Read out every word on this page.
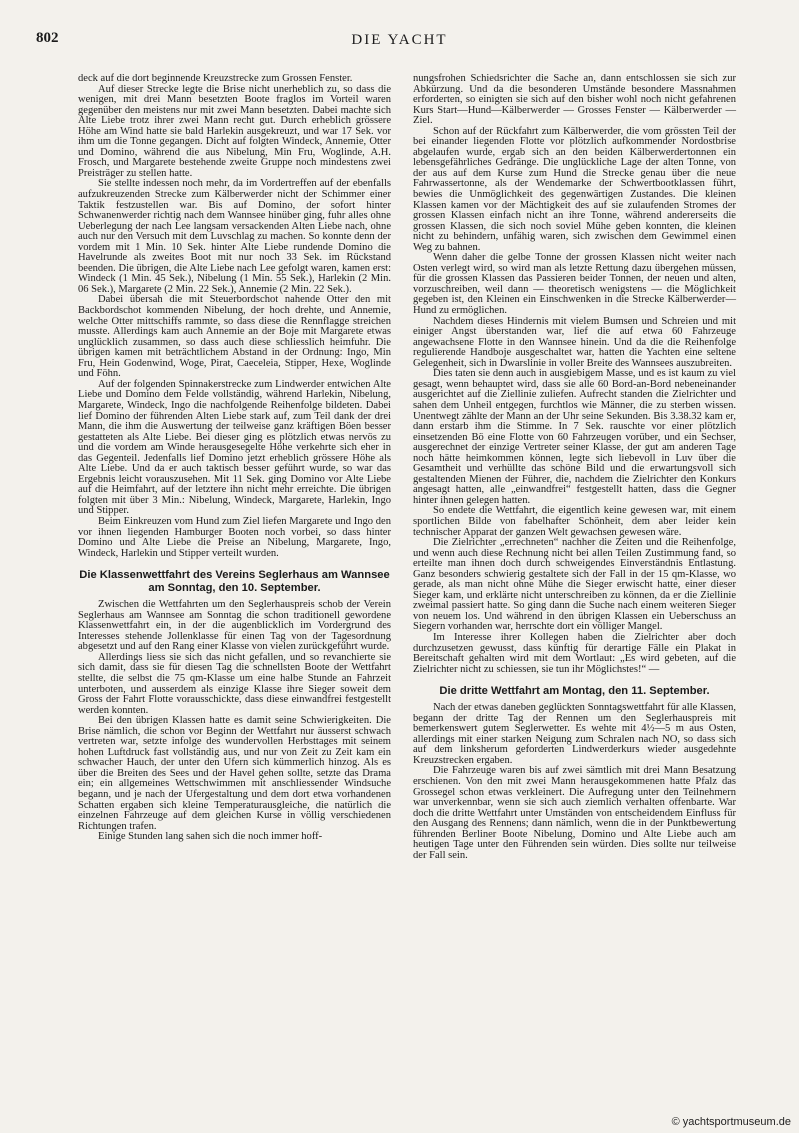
802	DIE YACHT

deck auf die dort beginnende Kreuzstrecke zum Grossen Fenster.

Auf dieser Strecke legte die Brise nicht unerheblich zu, so dass die wenigen, mit drei Mann besetzten Boote fraglos im Vorteil waren gegenüber den meistens nur mit zwei Mann besetzten. Dabei machte sich Alte Liebe trotz ihrer zwei Mann recht gut. Durch erheblich grössere Höhe am Wind hatte sie bald Harlekin ausgekreuzt, und war 17 Sek. vor ihm um die Tonne gegangen. Dicht auf folgten Windeck, Annemie, Otter und Domino, während die aus Nibelung, Min Fru, Woglinde, A.H. Frosch, und Margarete bestehende zweite Gruppe noch mindestens zwei Preisträger zu stellen hatte.

Sie stellte indessen noch mehr, da im Vordertreffen auf der ebenfalls aufzukreuzenden Strecke zum Kälberwerder nicht der Schimmer einer Taktik festzustellen war. Bis auf Domino, der sofort hinter Schwanenwerder richtig nach dem Wannsee hinüber ging, fuhr alles ohne Ueberlegung der nach Lee langsam versackenden Alten Liebe nach, ohne auch nur den Versuch mit dem Luvschlag zu machen. So konnte denn der vordem mit 1 Min. 10 Sek. hinter Alte Liebe rundende Domino die Havelrunde als zweites Boot mit nur noch 33 Sek. im Rückstand beenden. Die übrigen, die Alte Liebe nach Lee gefolgt waren, kamen erst: Windeck (1 Min. 45 Sek.), Nibelung (1 Min. 55 Sek.), Harlekin (2 Min. 06 Sek.), Margarete (2 Min. 22 Sek.), Annemie (2 Min. 22 Sek.).

Dabei übersah die mit Steuerbordschot nahende Otter den mit Backbordschot kommenden Nibelung, der hoch drehte, und Annemie, welche Otter mittschiffs rammte, so dass diese die Rennflagge streichen musste. Allerdings kam auch Annemie an der Boje mit Margarete etwas unglücklich zusammen, so dass auch diese schliesslich heimfuhr. Die übrigen kamen mit beträchtlichem Abstand in der Ordnung: Ingo, Min Fru, Hein Godenwind, Woge, Pirat, Caeceleia, Stipper, Hexe, Woglinde und Föhn.

Auf der folgenden Spinnakerstrecke zum Lindwerder entwichen Alte Liebe und Domino dem Felde vollständig, während Harlekin, Nibelung, Margarete, Windeck, Ingo die nachfolgende Reihenfolge bildeten. Dabei lief Domino der führenden Alten Liebe stark auf, zum Teil dank der drei Mann, die ihm die Auswertung der teilweise ganz kräftigen Böen besser gestatteten als Alte Liebe. Bei dieser ging es plötzlich etwas nervös zu und die vordem am Winde herausgesegelte Höhe verkehrte sich eher in das Gegenteil. Jedenfalls lief Domino jetzt erheblich grössere Höhe als Alte Liebe. Und da er auch taktisch besser geführt wurde, so war das Ergebnis leicht vorauszusehen. Mit 11 Sek. ging Domino vor Alte Liebe auf die Heimfahrt, auf der letztere ihn nicht mehr erreichte. Die übrigen folgten mit über 3 Min.: Nibelung, Windeck, Margarete, Harlekin, Ingo und Stipper.

Beim Einkreuzen vom Hund zum Ziel liefen Margarete und Ingo den vor ihnen liegenden Hamburger Booten noch vorbei, so dass hinter Domino und Alte Liebe die Preise an Nibelung, Margarete, Ingo, Windeck, Harlekin und Stipper verteilt wurden.

Die Klassenwettfahrt des Vereins Seglerhaus am Wannsee am Sonntag, den 10. September.

Zwischen die Wettfahrten um den Seglerhauspreis schob der Verein Seglerhaus am Wannsee am Sonntag die schon traditionell gewordene Klassenwettfahrt ein, in der die augenblicklich im Vordergrund des Interesses stehende Jollenklasse für einen Tag von der Tagesordnung abgesetzt und auf den Rang einer Klasse von vielen zurückgeführt wurde.

Allerdings liess sie sich das nicht gefallen, und so revanchierte sie sich damit, dass sie für diesen Tag die schnellsten Boote der Wettfahrt stellte, die selbst die 75 qm-Klasse um eine halbe Stunde an Fahrzeit unterboten, und ausserdem als einzige Klasse ihre Sieger soweit dem Gross der Fahrt Flotte vorausschickte, dass diese einwandfrei festgestellt werden konnten.

Bei den übrigen Klassen hatte es damit seine Schwierigkeiten. Die Brise nämlich, die schon vor Beginn der Wettfahrt nur äusserst schwach vertreten war, setzte infolge des wundervollen Herbsttages mit seinem hohen Luftdruck fast vollständig aus, und nur von Zeit zu Zeit kam ein schwacher Hauch, der unter den Ufern sich kümmerlich hinzog. Als es über die Breiten des Sees und der Havel gehen sollte, setzte das Drama ein; ein allgemeines Wettschwimmen mit anschliessender Windsuche begann, und je nach der Ufergestaltung und dem dort etwa vorhandenen Schatten ergaben sich kleine Temperaturausgleiche, die natürlich die einzelnen Fahrzeuge auf dem gleichen Kurse in völlig verschiedenen Richtungen trafen.

Einige Stunden lang sahen sich die noch immer hoff-

nungsfrohen Schiedsrichter die Sache an, dann entschlossen sie sich zur Abkürzung. Und da die besonderen Umstände besondere Massnahmen erforderten, so einigten sie sich auf den bisher wohl noch nicht gefahrenen Kurs Start—Hund—Kälberwerder — Grosses Fenster — Kälberwerder — Ziel.

Schon auf der Rückfahrt zum Kälberwerder, die vom grössten Teil der bei einander liegenden Flotte vor plötzlich aufkommender Nordostbrise abgelaufen wurde, ergab sich an den beiden Kälberwerdertonnen ein lebensgefährliches Gedränge. Die unglückliche Lage der alten Tonne, von der aus auf dem Kurse zum Hund die Strecke genau über die neue Fahrwassertonne, als der Wendemarke der Schwertbootklassen führt, bewies die Unmöglichkeit des gegenwärtigen Zustandes. Die kleinen Klassen kamen vor der Mächtigkeit des auf sie zulaufenden Stromes der grossen Klassen einfach nicht an ihre Tonne, während andererseits die grossen Klassen, die sich noch soviel Mühe geben konnten, die kleinen nicht zu behindern, unfähig waren, sich zwischen dem Gewimmel einen Weg zu bahnen.

Wenn daher die gelbe Tonne der grossen Klassen nicht weiter nach Osten verlegt wird, so wird man als letzte Rettung dazu übergehen müssen, für die grossen Klassen das Passieren beider Tonnen, der neuen und alten, vorzuschreiben, weil dann — theoretisch wenigstens — die Möglichkeit gegeben ist, den Kleinen ein Einschwenken in die Strecke Kälberwerder—Hund zu ermöglichen.

Nachdem dieses Hindernis mit vielem Bumsen und Schreien und mit einiger Angst überstanden war, lief die auf etwa 60 Fahrzeuge angewachsene Flotte in den Wannsee hinein. Und da die die Reihenfolge regulierende Handboje ausgeschaltet war, hatten die Yachten eine seltene Gelegenheit, sich in Dwarslinie in voller Breite des Wannsees auszubreiten.

Dies taten sie denn auch in ausgiebigem Masse, und es ist kaum zu viel gesagt, wenn behauptet wird, dass sie alle 60 Bord-an-Bord nebeneinander ausgerichtet auf die Ziellinie zuliefen. Aufrecht standen die Zielrichter und sahen dem Unheil entgegen, furchtlos wie Männer, die zu sterben wissen. Unentwegt zählte der Mann an der Uhr seine Sekunden. Bis 3.38.32 kam er, dann erstarb ihm die Stimme. In 7 Sek. rauschte vor einer plötzlich einsetzenden Bö eine Flotte von 60 Fahrzeugen vorüber, und ein Sechser, ausgerechnet der einzige Vertreter seiner Klasse, der gut am anderen Tage noch hätte heimkommen können, legte sich liebevoll in Luv über die Gesamtheit und verhüllte das schöne Bild und die erwartungsvoll sich gestaltenden Mienen der Führer, die, nachdem die Zielrichter den Konkurs angesagt hatten, alle „einwandfrei“ festgestellt hatten, dass die Gegner hinter ihnen gelegen hatten.

So endete die Wettfahrt, die eigentlich keine gewesen war, mit einem sportlichen Bilde von fabelhafter Schönheit, dem aber leider kein technischer Apparat der ganzen Welt gewachsen gewesen wäre.

Die Zielrichter „errechneten“ nachher die Zeiten und die Reihenfolge, und wenn auch diese Rechnung nicht bei allen Teilen Zustimmung fand, so erteilte man ihnen doch durch schweigendes Einverständnis Entlastung. Ganz besonders schwierig gestaltete sich der Fall in der 15 qm-Klasse, wo gerade, als man nicht ohne Mühe die Sieger erwischt hatte, einer dieser Sieger kam, und erklärte nicht unterschreiben zu können, da er die Ziellinie zweimal passiert hatte. So ging dann die Suche nach einem weiteren Sieger von neuem los. Und während in den übrigen Klassen ein Ueberschuss an Siegern vorhanden war, herrschte dort ein völliger Mangel.

Im Interesse ihrer Kollegen haben die Zielrichter aber doch durchzusetzen gewusst, dass künftig für derartige Fälle ein Plakat in Bereitschaft gehalten wird mit dem Wortlaut: „Es wird gebeten, auf die Zielrichter nicht zu schiessen, sie tun ihr Möglichstes!“ —

Die dritte Wettfahrt am Montag, den 11. September.

Nach der etwas daneben geglückten Sonntagswettfahrt für alle Klassen, begann der dritte Tag der Rennen um den Seglerhauspreis mit bemerkenswert gutem Seglerwetter. Es wehte mit 4½—5 m aus Osten, allerdings mit einer starken Neigung zum Schralen nach NO, so dass sich auf dem linksherum geforderten Lindwerderkurs wieder ausgedehnte Kreuzstrecken ergaben.

Die Fahrzeuge waren bis auf zwei sämtlich mit drei Mann Besatzung erschienen. Von den mit zwei Mann herausgekommenen hatte Pfalz das Grossegel schon etwas verkleinert. Die Aufregung unter den Teilnehmern war unverkennbar, wenn sie sich auch ziemlich verhalten offenbarte. War doch die dritte Wettfahrt unter Umständen von entscheidendem Einfluss für den Ausgang des Rennens; dann nämlich, wenn die in der Punktbewertung führenden Berliner Boote Nibelung, Domino und Alte Liebe auch am heutigen Tage unter den Führenden sein würden. Dies sollte nur teilweise der Fall sein.

© yachtsportmuseum.de
